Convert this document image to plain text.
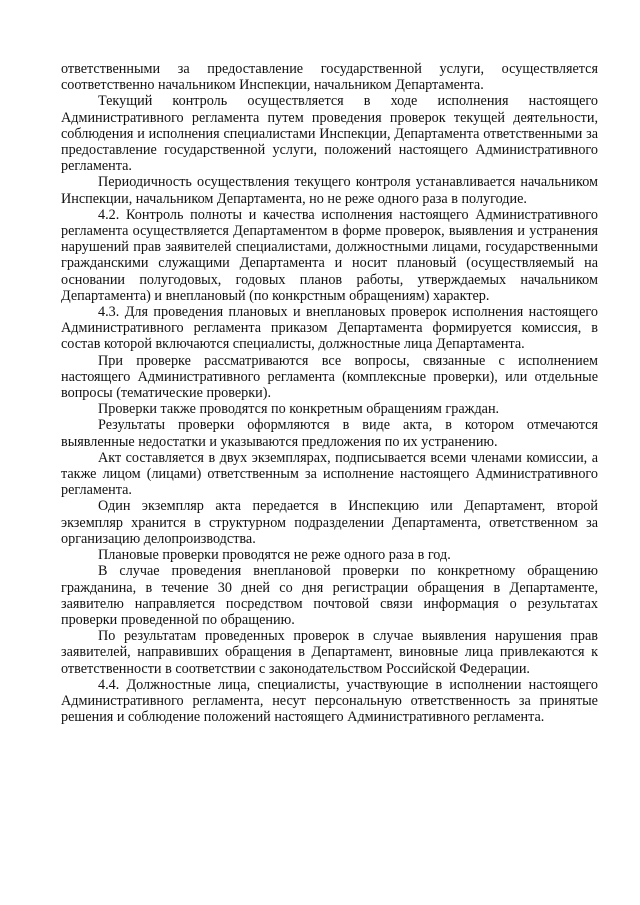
ответственными за предоставление государственной услуги, осуществляется соответственно начальником Инспекции, начальником Департамента.

Текущий контроль осуществляется в ходе исполнения настоящего Административного регламента путем проведения проверок текущей деятельности, соблюдения и исполнения специалистами Инспекции, Департамента ответственными за предоставление государственной услуги, положений настоящего Административного регламента.

Периодичность осуществления текущего контроля устанавливается начальником Инспекции, начальником Департамента, но не реже одного раза в полугодие.

4.2. Контроль полноты и качества исполнения настоящего Административного регламента осуществляется Департаментом в форме проверок, выявления и устранения нарушений прав заявителей специалистами, должностными лицами, государственными гражданскими служащими Департамента и носит плановый (осуществляемый на основании полугодовых, годовых планов работы, утверждаемых начальником Департамента) и внеплановый (по конкрстным обращениям) характер.

4.3. Для проведения плановых и внеплановых проверок исполнения настоящего Административного регламента приказом Департамента формируется комиссия, в состав которой включаются специалисты, должностные лица Департамента.

При проверке рассматриваются все вопросы, связанные с исполнением настоящего Административного регламента (комплексные проверки), или отдельные вопросы (тематические проверки).

Проверки также проводятся по конкретным обращениям граждан.

Результаты проверки оформляются в виде акта, в котором отмечаются выявленные недостатки и указываются предложения по их устранению.

Акт составляется в двух экземплярах, подписывается всеми членами комиссии, а также лицом (лицами) ответственным за исполнение настоящего Административного регламента.

Один экземпляр акта передается в Инспекцию или Департамент, второй экземпляр хранится в структурном подразделении Департамента, ответственном за организацию делопроизводства.

Плановые проверки проводятся не реже одного раза в год.

В случае проведения внеплановой проверки по конкретному обращению гражданина, в течение 30 дней со дня регистрации обращения в Департаменте, заявителю направляется посредством почтовой связи информация о результатах проверки проведенной по обращению.

По результатам проведенных проверок в случае выявления нарушения прав заявителей, направивших обращения в Департамент, виновные лица привлекаются к ответственности в соответствии с законодательством Российской Федерации.

4.4. Должностные лица, специалисты, участвующие в исполнении настоящего Административного регламента, несут персональную ответственность за принятые решения и соблюдение положений настоящего Административного регламента.
